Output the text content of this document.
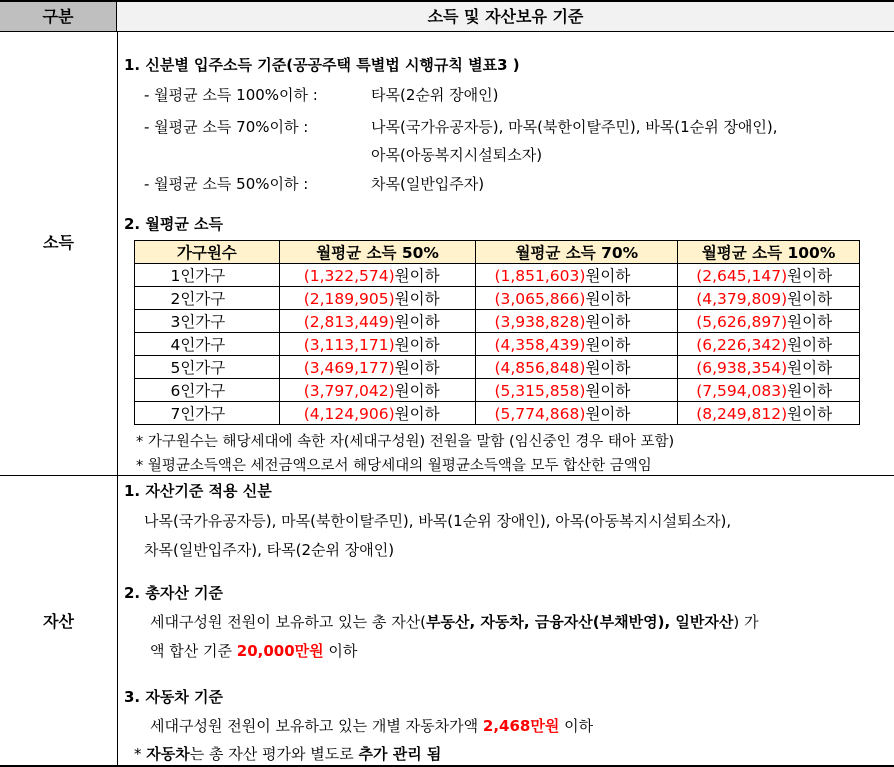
구분	소득 및 자산보유 기준
소득
1. 신분별 입주소득 기준(공공주택 특별법 시행규칙 별표3 )
- 월평균 소득 100%이하 :	타목(2순위 장애인)
- 월평균 소득 70%이하 :	나목(국가유공자등), 마목(북한이탈주민), 바목(1순위 장애인),
아목(아동복지시설퇴소자)
- 월평균 소득 50%이하 :	차목(일반입주자)
2. 월평균 소득
가구원수	월평균 소득 50%	월평균 소득 70%	월평균 소득 100%
1인가구	(1,322,574)원이하	(1,851,603)원이하	(2,645,147)원이하
2인가구	(2,189,905)원이하	(3,065,866)원이하	(4,379,809)원이하
3인가구	(2,813,449)원이하	(3,938,828)원이하	(5,626,897)원이하
4인가구	(3,113,171)원이하	(4,358,439)원이하	(6,226,342)원이하
5인가구	(3,469,177)원이하	(4,856,848)원이하	(6,938,354)원이하
6인가구	(3,797,042)원이하	(5,315,858)원이하	(7,594,083)원이하
7인가구	(4,124,906)원이하	(5,774,868)원이하	(8,249,812)원이하
* 가구원수는 해당세대에 속한 자(세대구성원) 전원을 말함 (임신중인 경우 태아 포함)
* 월평균소득액은 세전금액으로서 해당세대의 월평균소득액을 모두 합산한 금액임
자산
1. 자산기준 적용 신분
나목(국가유공자등), 마목(북한이탈주민), 바목(1순위 장애인), 아목(아동복지시설퇴소자),
차목(일반입주자), 타목(2순위 장애인)
2. 총자산 기준
세대구성원 전원이 보유하고 있는 총 자산(부동산, 자동차, 금융자산(부채반영), 일반자산) 가
액 합산 기준 20,000만원 이하
3. 자동차 기준
세대구성원 전원이 보유하고 있는 개별 자동차가액 2,468만원 이하
* 자동차는 총 자산 평가와 별도로 추가 관리 됨
